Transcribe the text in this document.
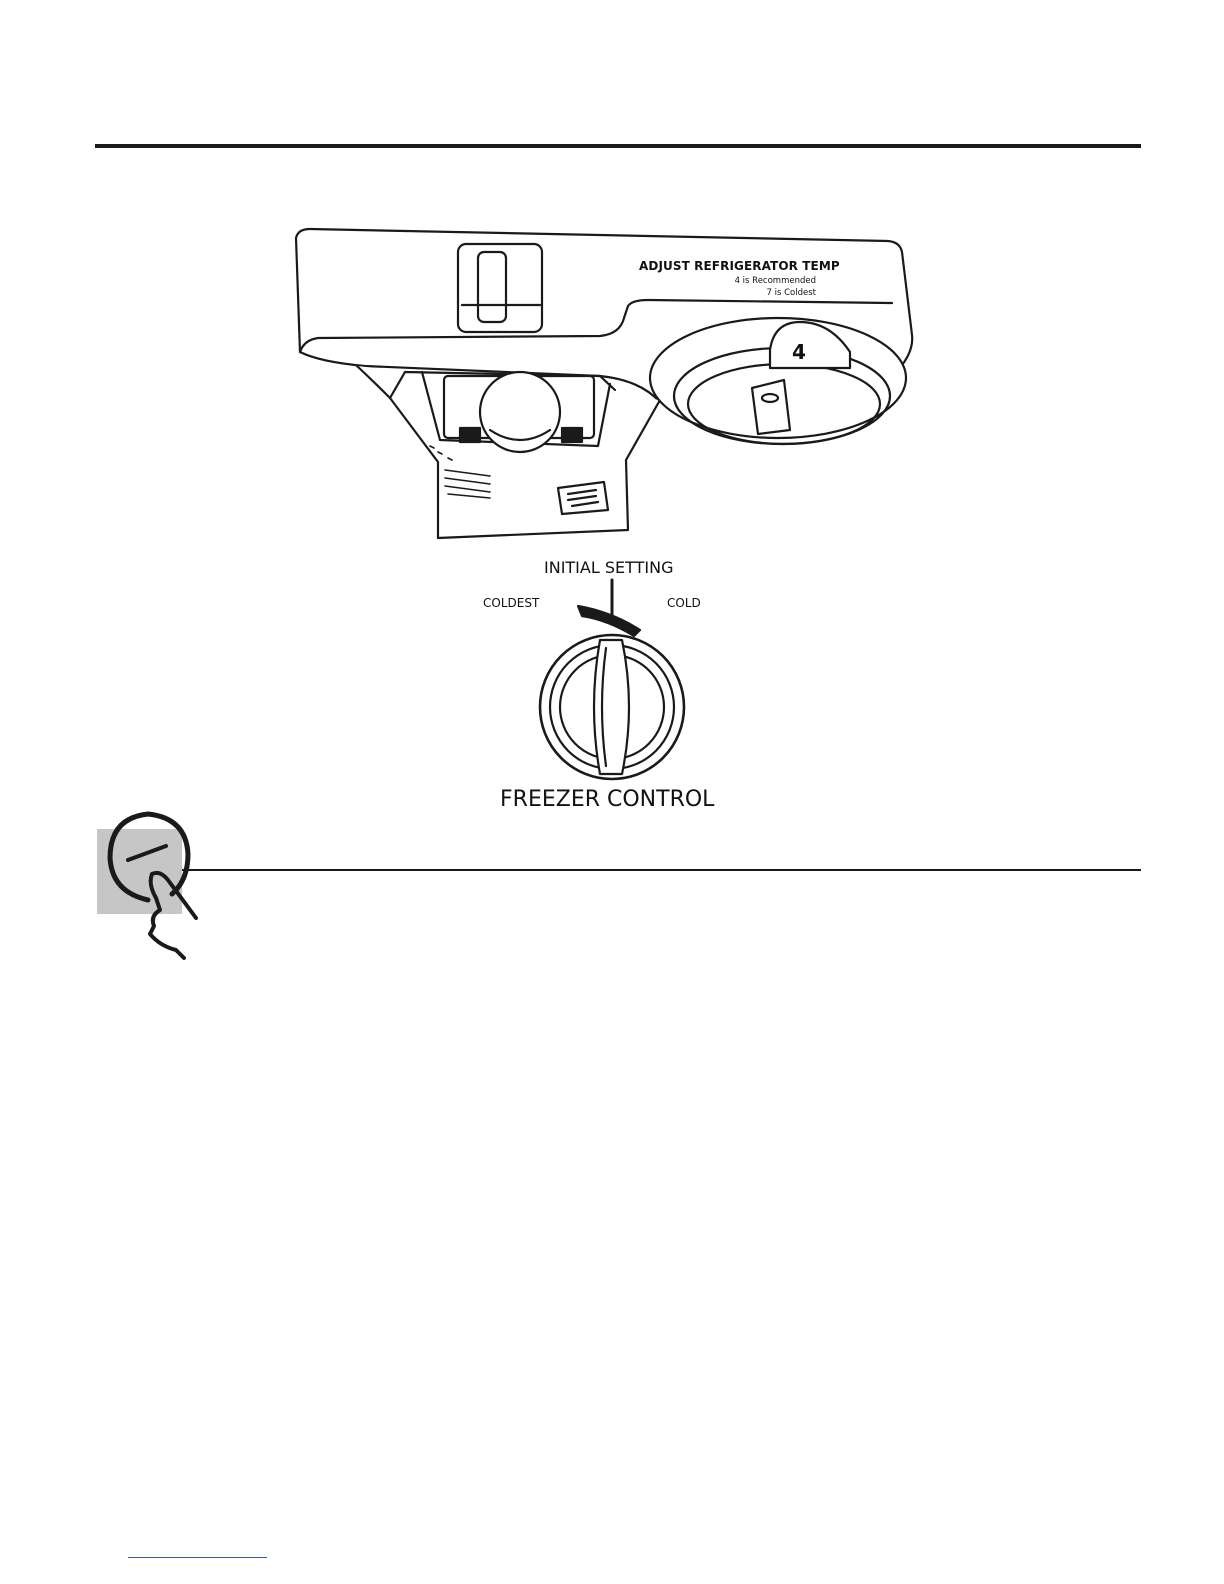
ADJUST REFRIGERATOR TEMP
4 is Recommended
7 is Coldest
4
INITIAL SETTING
COLDEST	COLD
FREEZER CONTROL
